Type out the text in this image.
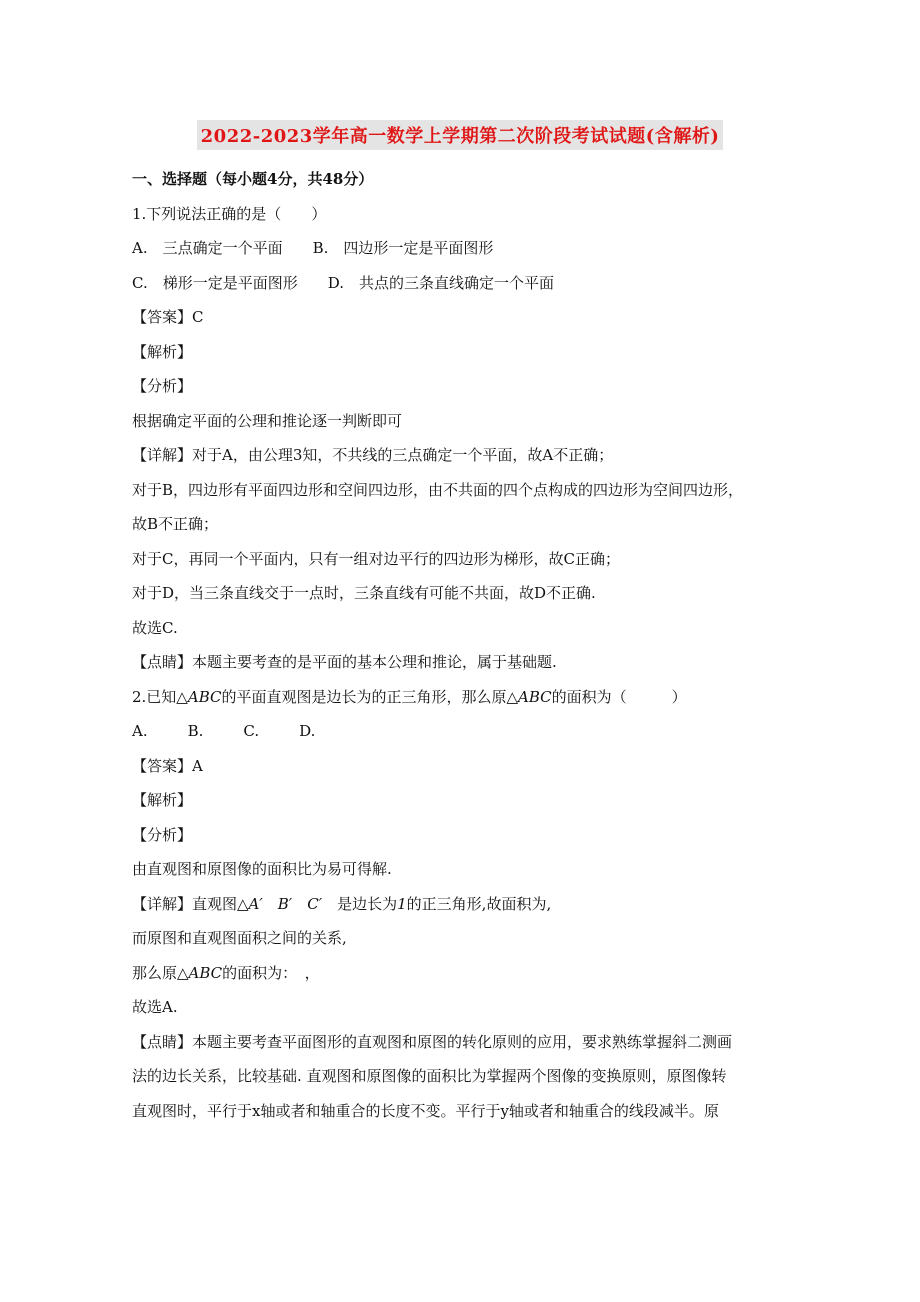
2022-2023学年高一数学上学期第二次阶段考试试题(含解析)
一、选择题（每小题4分，共48分）
1.下列说法正确的是（　　）
A.　三点确定一个平面 B.　四边形一定是平面图形
C.　梯形一定是平面图形 D.　共点的三条直线确定一个平面
【答案】C
【解析】
【分析】
根据确定平面的公理和推论逐一判断即可
【详解】对于A，由公理3知，不共线的三点确定一个平面，故A不正确；
对于B，四边形有平面四边形和空间四边形，由不共面的四个点构成的四边形为空间四边形，
故B不正确；
对于C，再同一个平面内，只有一组对边平行的四边形为梯形，故C正确；
对于D，当三条直线交于一点时，三条直线有可能不共面，故D不正确.
故选C.
【点睛】本题主要考查的是平面的基本公理和推论，属于基础题.
2.已知△ABC的平面直观图是边长为的正三角形，那么原△ABC的面积为（　　　）
A.	B.	C.	D.
【答案】A
【解析】
【分析】
由直观图和原图像的面积比为易可得解.
【详解】直观图△A′　B′　C′　是边长为1的正三角形,故面积为,
而原图和直观图面积之间的关系,
那么原△ABC的面积为：　，
故选A.
【点睛】本题主要考查平面图形的直观图和原图的转化原则的应用，要求熟练掌握斜二测画
法的边长关系，比较基础. 直观图和原图像的面积比为掌握两个图像的变换原则，原图像转
直观图时，平行于x轴或者和轴重合的长度不变。平行于y轴或者和轴重合的线段减半。原
